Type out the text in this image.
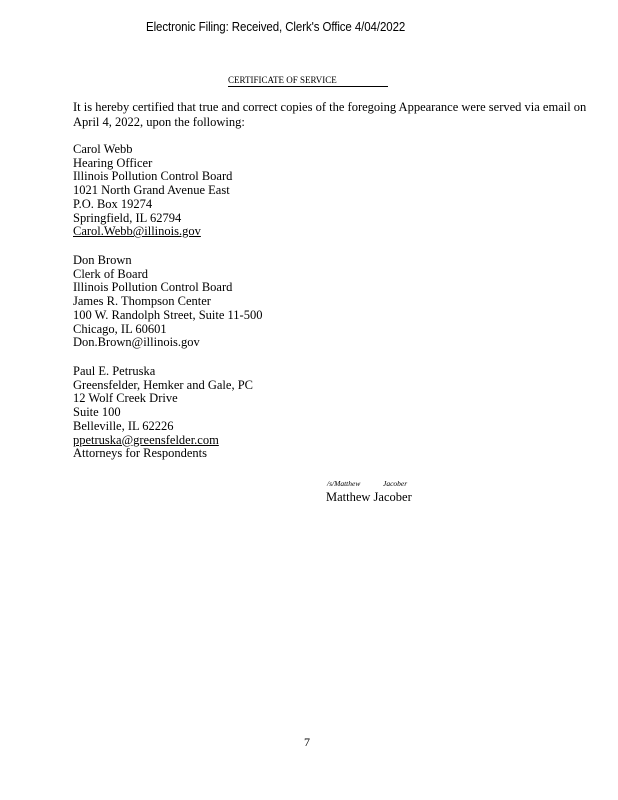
Electronic Filing: Received, Clerk's Office 4/04/2022
CERTIFICATE OF SERVICE
It is hereby certified that true and correct copies of the foregoing Appearance were served via email on April 4, 2022, upon the following:
Carol Webb
Hearing Officer
Illinois Pollution Control Board
1021 North Grand Avenue East
P.O. Box 19274
Springfield, IL 62794
Carol.Webb@illinois.gov
Don Brown
Clerk of Board
Illinois Pollution Control Board
James R. Thompson Center
100 W. Randolph Street, Suite 11-500
Chicago, IL 60601
Don.Brown@illinois.gov
Paul E. Petruska
Greensfelder, Hemker and Gale, PC
12 Wolf Creek Drive
Suite 100
Belleville, IL 62226
ppetruska@greensfelder.com
Attorneys for Respondents
/s/Matthew	Jacober
Matthew Jacober
7
